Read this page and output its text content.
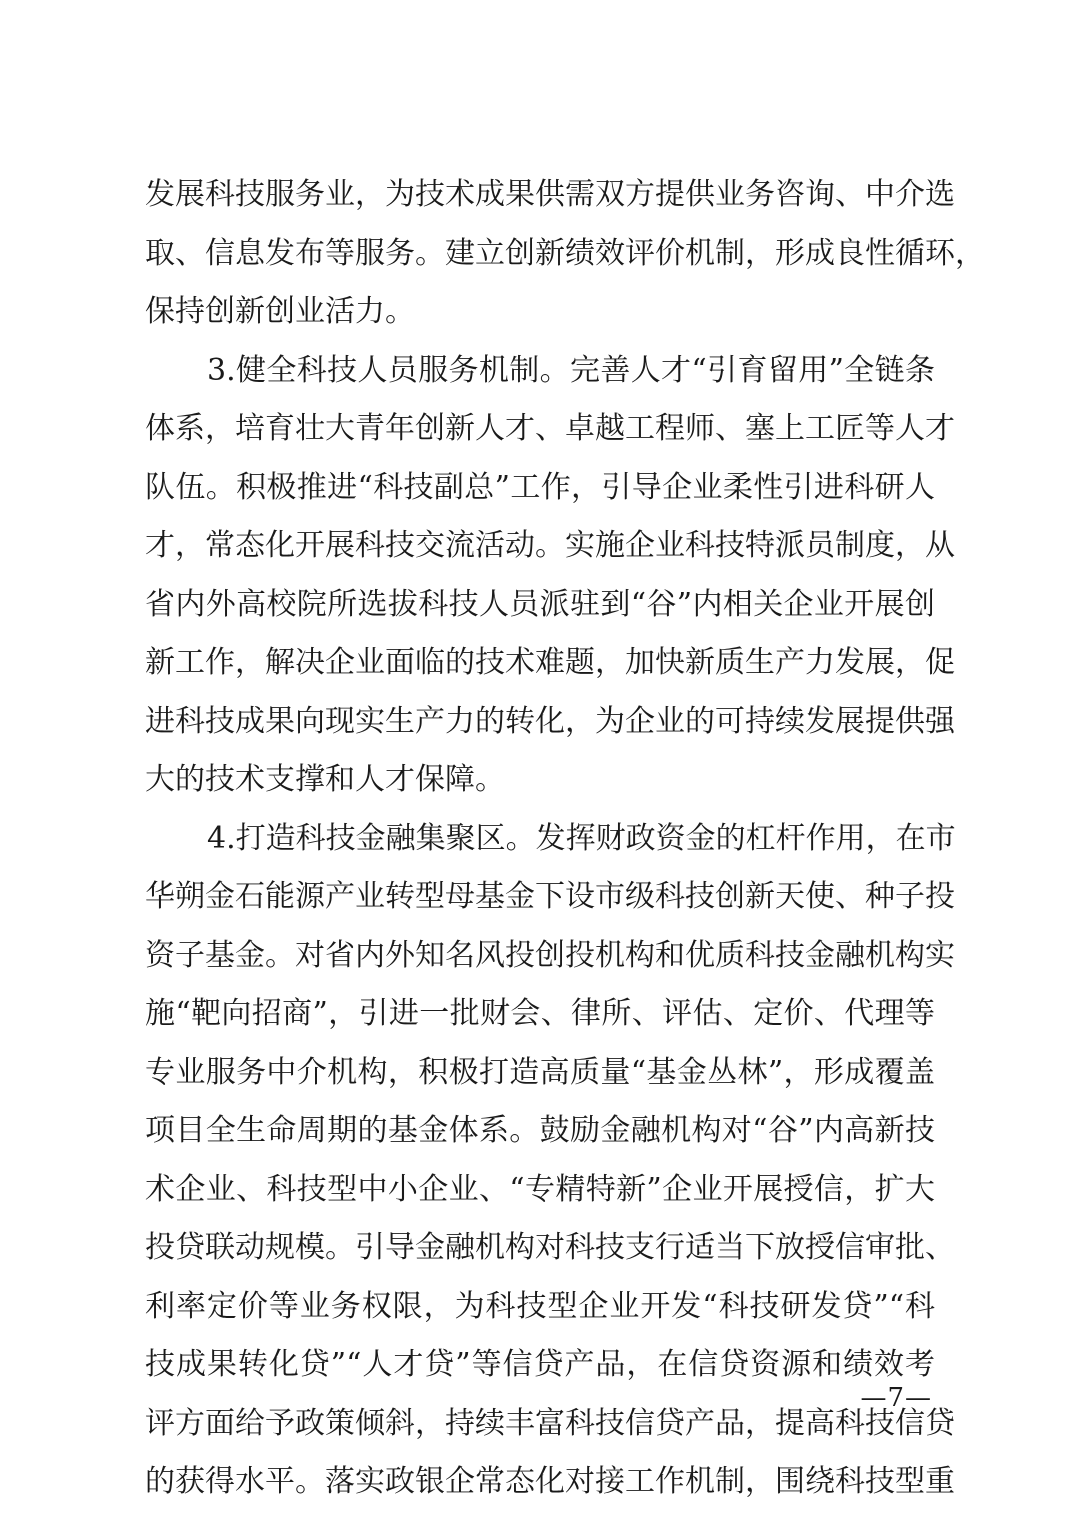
发展科技服务业，为技术成果供需双方提供业务咨询、中介选
取、信息发布等服务。建立创新绩效评价机制，形成良性循环，
保持创新创业活力。
3.健全科技人员服务机制。完善人才“引育留用”全链条
体系，培育壮大青年创新人才、卓越工程师、塞上工匠等人才
队伍。积极推进“科技副总”工作，引导企业柔性引进科研人
才，常态化开展科技交流活动。实施企业科技特派员制度，从
省内外高校院所选拔科技人员派驻到“谷”内相关企业开展创
新工作，解决企业面临的技术难题，加快新质生产力发展，促
进科技成果向现实生产力的转化，为企业的可持续发展提供强
大的技术支撑和人才保障。
4.打造科技金融集聚区。发挥财政资金的杠杆作用，在市
华朔金石能源产业转型母基金下设市级科技创新天使、种子投
资子基金。对省内外知名风投创投机构和优质科技金融机构实
施“靶向招商”，引进一批财会、律所、评估、定价、代理等
专业服务中介机构，积极打造高质量“基金丛林”，形成覆盖
项目全生命周期的基金体系。鼓励金融机构对“谷”内高新技
术企业、科技型中小企业、“专精特新”企业开展授信，扩大
投贷联动规模。引导金融机构对科技支行适当下放授信审批、
利率定价等业务权限，为科技型企业开发“科技研发贷”“科
技成果转化贷”“人才贷”等信贷产品，在信贷资源和绩效考
评方面给予政策倾斜，持续丰富科技信贷产品，提高科技信贷
的获得水平。落实政银企常态化对接工作机制，围绕科技型重
—7—
